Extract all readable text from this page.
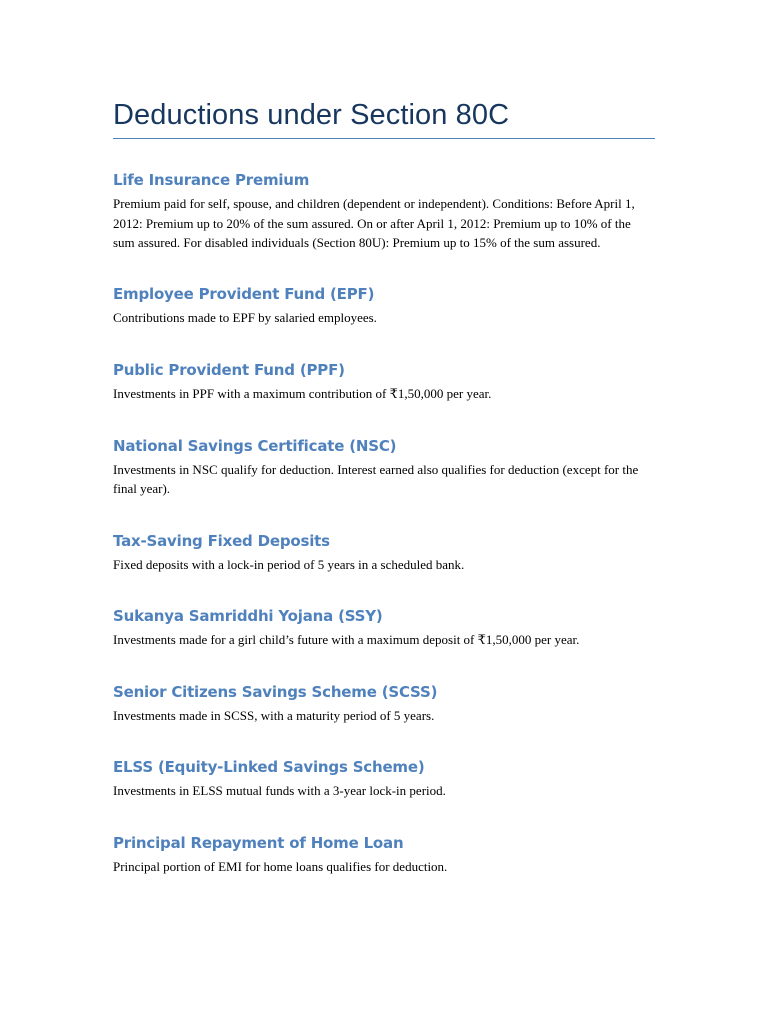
Deductions under Section 80C
Life Insurance Premium

Premium paid for self, spouse, and children (dependent or independent). Conditions: Before April 1, 2012: Premium up to 20% of the sum assured. On or after April 1, 2012: Premium up to 10% of the sum assured. For disabled individuals (Section 80U): Premium up to 15% of the sum assured.

Employee Provident Fund (EPF)

Contributions made to EPF by salaried employees.

Public Provident Fund (PPF)

Investments in PPF with a maximum contribution of ₹1,50,000 per year.

National Savings Certificate (NSC)

Investments in NSC qualify for deduction. Interest earned also qualifies for deduction (except for the final year).

Tax-Saving Fixed Deposits

Fixed deposits with a lock-in period of 5 years in a scheduled bank.

Sukanya Samriddhi Yojana (SSY)

Investments made for a girl child’s future with a maximum deposit of ₹1,50,000 per year.

Senior Citizens Savings Scheme (SCSS)

Investments made in SCSS, with a maturity period of 5 years.

ELSS (Equity-Linked Savings Scheme)

Investments in ELSS mutual funds with a 3-year lock-in period.

Principal Repayment of Home Loan

Principal portion of EMI for home loans qualifies for deduction.
